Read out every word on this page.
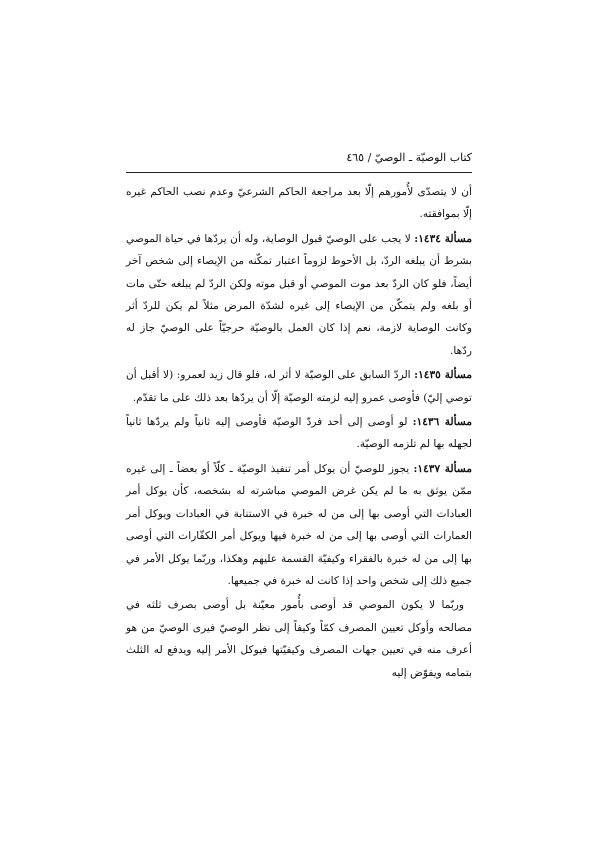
كتاب الوصيّة ـ الوصيّ / ٤٦٥

أن لا يتصدّى لأُمورهم إلّا بعد مراجعة الحاكم الشرعيّ وعدم نصب الحاكم غيره إلّا بموافقته.

مسألة ١٤٣٤: لا يجب على الوصيّ قبول الوصاية، وله أن يردّها في حياة الموصي بشرط أن يبلغه الردّ، بل الأحوط لزوماً اعتبار تمكّنه من الإيصاء إلى شخص آخر أيضاً، فلو كان الردّ بعد موت الموصي أو قبل موته ولكن الردّ لم يبلغه حتّى مات أو بلغه ولم يتمكّن من الإيصاء إلى غيره لشدّة المرض مثلاً لم يكن للردّ أثر وكانت الوصاية لازمة، نعم إذا كان العمل بالوصيّة حرجيّاً على الوصيّ جاز له ردّها.

مسألة ١٤٣٥: الردّ السابق على الوصيّة لا أثر له، فلو قال زيد لعمرو: (لا أقبل أن توصي إليّ) فأوصى عمرو إليه لزمته الوصيّة إلّا أن يردّها بعد ذلك على ما تقدّم.

مسألة ١٤٣٦: لو أوصى إلى أحد فردّ الوصيّة فأوصى إليه ثانياً ولم يردّها ثانياً لجهله بها لم تلزمه الوصيّة.

مسألة ١٤٣٧: يجوز للوصيّ أن يوكل أمر تنفيذ الوصيّة ـ كلّاً أو بعضاً ـ إلى غيره ممّن يوثق به ما لم يكن غرض الموصي مباشرته له بشخصه، كأن يوكل أمر العبادات التي أوصى بها إلى من له خبرة في الاستنابة في العبادات ويوكل أمر العمارات التي أوصى بها إلى من له خبرة فيها ويوكل أمر الكفّارات التي أوصى بها إلى من له خبرة بالفقراء وكيفيّة القسمة عليهم وهكذا، وربّما يوكل الأمر في جميع ذلك إلى شخص واحد إذا كانت له خبرة في جميعها.

وربّما لا يكون الموصي قد أوصى بأُمور معيّنة بل أوصى بصرف ثلثه في مصالحه وأوكل تعيين المصرف كمّاً وكيفاً إلى نظر الوصيّ فيرى الوصيّ من هو أعرف منه في تعيين جهات المصرف وكيفيّتها فيوكل الأمر إليه ويدفع له الثلث بتمامه ويفوّض إليه
